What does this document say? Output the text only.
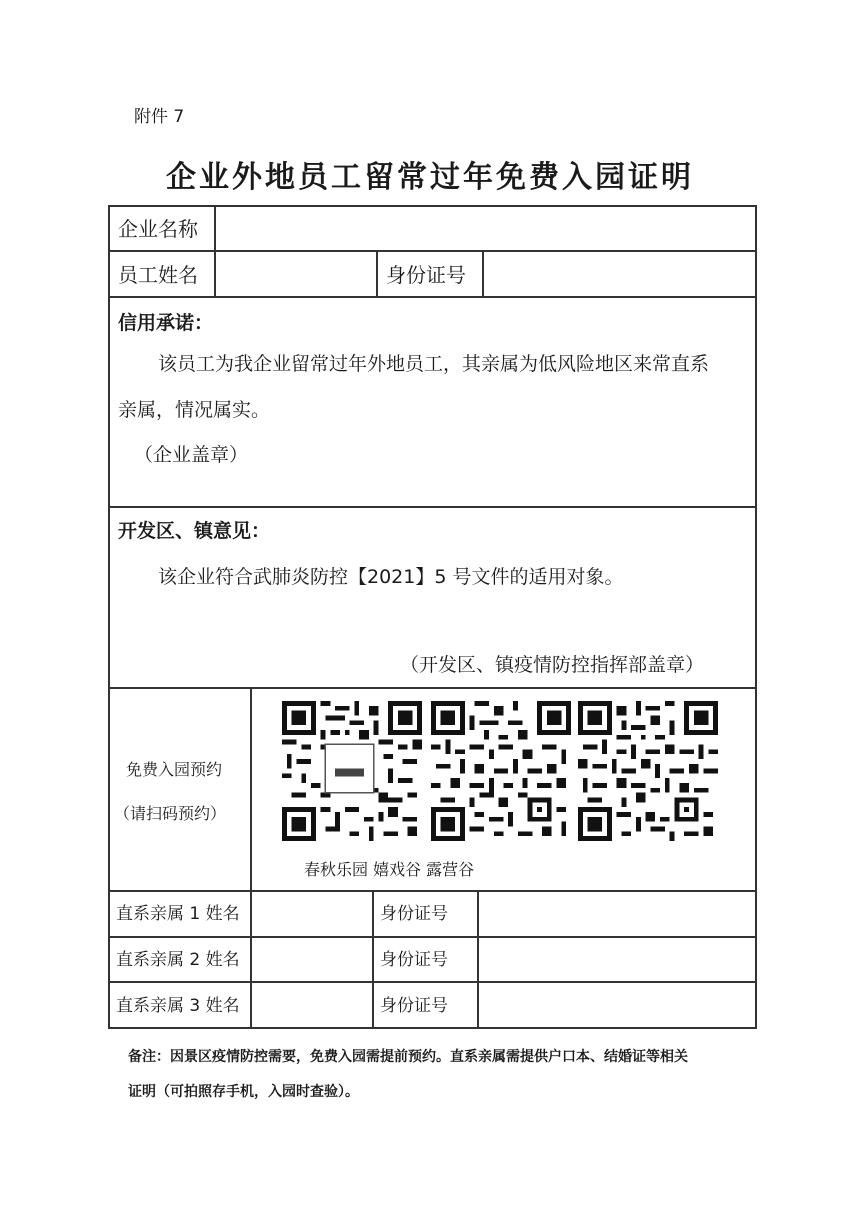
附件 7
企业外地员工留常过年免费入园证明
企业名称
员工姓名	身份证号
信用承诺：
该员工为我企业留常过年外地员工，其亲属为低风险地区来常直系
亲属，情况属实。
（企业盖章）
开发区、镇意见：
该企业符合武肺炎防控【2021】5 号文件的适用对象。
（开发区、镇疫情防控指挥部盖章）
免费入园预约
（请扫码预约）
春秋乐园 嬉戏谷 露营谷
直系亲属 1 姓名	身份证号
直系亲属 2 姓名	身份证号
直系亲属 3 姓名	身份证号
备注：因景区疫情防控需要，免费入园需提前预约。直系亲属需提供户口本、结婚证等相关
证明（可拍照存手机，入园时查验）。
